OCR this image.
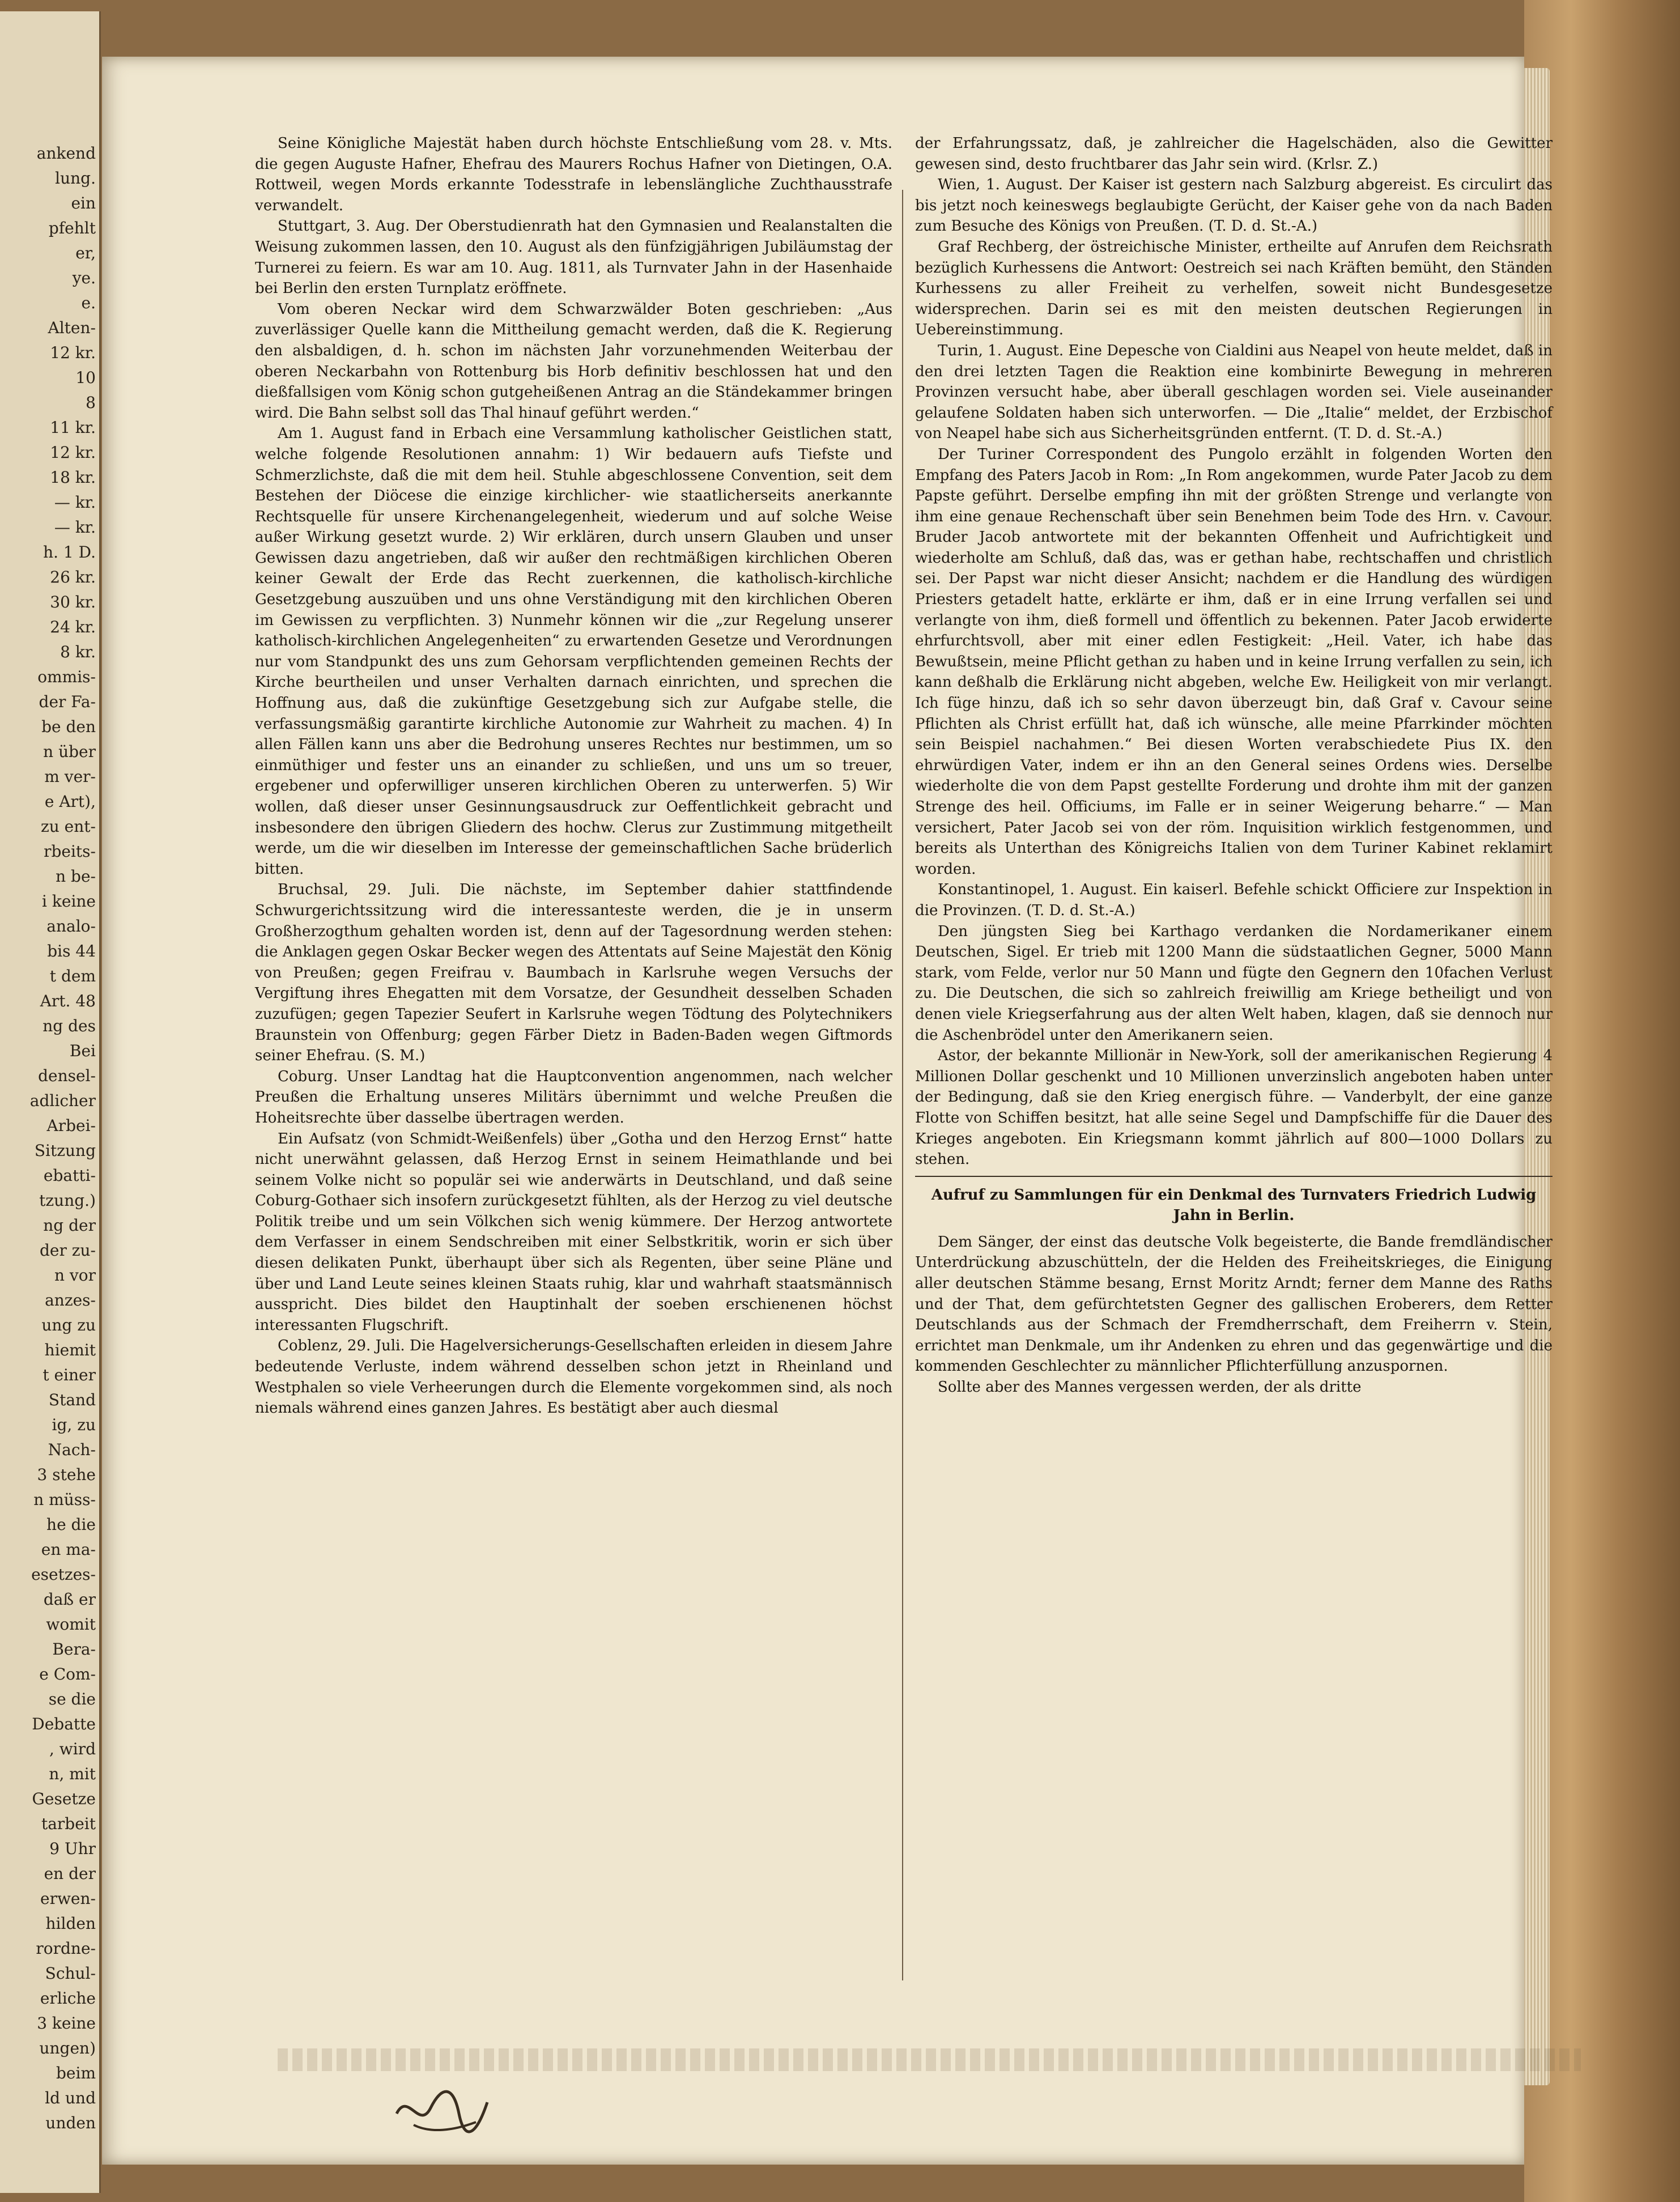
ankend
lung.
ein
pfehlt
er,
ye.
e.
Alten-
12 kr.
10
8
11 kr.
12 kr.
18 kr.
— kr.
— kr.
h. 1 D.
26 kr.
30 kr.
24 kr.
8 kr.
ommis-
der Fa-
be den
n über
m ver-
e Art),
zu ent-
rbeits-
n be-
i keine
analo-
bis 44
t dem
Art. 48
ng des
Bei
densel-
adlicher
Arbei-
Sitzung
ebatti-
tzung.)
ng der
der zu-
n vor
anzes-
ung zu
hiemit
t einer
Stand
ig, zu
Nach-
3 stehe
n müss-
he die
en ma-
esetzes-
daß er
womit
Bera-
e Com-
se die
Debatte
, wird
n, mit
Gesetze
tarbeit
9 Uhr
en der
erwen-
hilden
rordne-
Schul-
erliche
3 keine
ungen)
beim
ld und
unden

Seine Königliche Majestät haben durch höchste Entschließung vom 28. v. Mts. die gegen Auguste Hafner, Ehefrau des Maurers Rochus Hafner von Dietingen, O.A. Rottweil, wegen Mords erkannte Todesstrafe in lebenslängliche Zuchthausstrafe verwandelt.

Stuttgart, 3. Aug. Der Oberstudienrath hat den Gymnasien und Realanstalten die Weisung zukommen lassen, den 10. August als den fünfzigjährigen Jubiläumstag der Turnerei zu feiern. Es war am 10. Aug. 1811, als Turnvater Jahn in der Hasenhaide bei Berlin den ersten Turnplatz eröffnete.

Vom oberen Neckar wird dem Schwarzwälder Boten geschrieben: „Aus zuverlässiger Quelle kann die Mittheilung gemacht werden, daß die K. Regierung den alsbaldigen, d. h. schon im nächsten Jahr vorzunehmenden Weiterbau der oberen Neckarbahn von Rottenburg bis Horb definitiv beschlossen hat und den dießfallsigen vom König schon gutgeheißenen Antrag an die Ständekammer bringen wird. Die Bahn selbst soll das Thal hinauf geführt werden.“

Am 1. August fand in Erbach eine Versammlung katholischer Geistlichen statt, welche folgende Resolutionen annahm: 1) Wir bedauern aufs Tiefste und Schmerzlichste, daß die mit dem heil. Stuhle abgeschlossene Convention, seit dem Bestehen der Diöcese die einzige kirchlicher- wie staatlicherseits anerkannte Rechtsquelle für unsere Kirchenangelegenheit, wiederum und auf solche Weise außer Wirkung gesetzt wurde. 2) Wir erklären, durch unsern Glauben und unser Gewissen dazu angetrieben, daß wir außer den rechtmäßigen kirchlichen Oberen keiner Gewalt der Erde das Recht zuerkennen, die katholisch-kirchliche Gesetzgebung auszuüben und uns ohne Verständigung mit den kirchlichen Oberen im Gewissen zu verpflichten. 3) Nunmehr können wir die „zur Regelung unserer katholisch-kirchlichen Angelegenheiten“ zu erwartenden Gesetze und Verordnungen nur vom Standpunkt des uns zum Gehorsam verpflichtenden gemeinen Rechts der Kirche beurtheilen und unser Verhalten darnach einrichten, und sprechen die Hoffnung aus, daß die zukünftige Gesetzgebung sich zur Aufgabe stelle, die verfassungsmäßig garantirte kirchliche Autonomie zur Wahrheit zu machen. 4) In allen Fällen kann uns aber die Bedrohung unseres Rechtes nur bestimmen, um so einmüthiger und fester uns an einander zu schließen, und uns um so treuer, ergebener und opferwilliger unseren kirchlichen Oberen zu unterwerfen. 5) Wir wollen, daß dieser unser Gesinnungsausdruck zur Oeffentlichkeit gebracht und insbesondere den übrigen Gliedern des hochw. Clerus zur Zustimmung mitgetheilt werde, um die wir dieselben im Interesse der gemeinschaftlichen Sache brüderlich bitten.

Bruchsal, 29. Juli. Die nächste, im September dahier stattfindende Schwurgerichtssitzung wird die interessanteste werden, die je in unserm Großherzogthum gehalten worden ist, denn auf der Tagesordnung werden stehen: die Anklagen gegen Oskar Becker wegen des Attentats auf Seine Majestät den König von Preußen; gegen Freifrau v. Baumbach in Karlsruhe wegen Versuchs der Vergiftung ihres Ehegatten mit dem Vorsatze, der Gesundheit desselben Schaden zuzufügen; gegen Tapezier Seufert in Karlsruhe wegen Tödtung des Polytechnikers Braunstein von Offenburg; gegen Färber Dietz in Baden-Baden wegen Giftmords seiner Ehefrau. (S. M.)

Coburg. Unser Landtag hat die Hauptconvention angenommen, nach welcher Preußen die Erhaltung unseres Militärs übernimmt und welche Preußen die Hoheitsrechte über dasselbe übertragen werden.

Ein Aufsatz (von Schmidt-Weißenfels) über „Gotha und den Herzog Ernst“ hatte nicht unerwähnt gelassen, daß Herzog Ernst in seinem Heimathlande und bei seinem Volke nicht so populär sei wie anderwärts in Deutschland, und daß seine Coburg-Gothaer sich insofern zurückgesetzt fühlten, als der Herzog zu viel deutsche Politik treibe und um sein Völkchen sich wenig kümmere. Der Herzog antwortete dem Verfasser in einem Sendschreiben mit einer Selbstkritik, worin er sich über diesen delikaten Punkt, überhaupt über sich als Regenten, über seine Pläne und über und Land Leute seines kleinen Staats ruhig, klar und wahrhaft staatsmännisch ausspricht. Dies bildet den Hauptinhalt der soeben erschienenen höchst interessanten Flugschrift.

Coblenz, 29. Juli. Die Hagelversicherungs-Gesellschaften erleiden in diesem Jahre bedeutende Verluste, indem während desselben schon jetzt in Rheinland und Westphalen so viele Verheerungen durch die Elemente vorgekommen sind, als noch niemals während eines ganzen Jahres. Es bestätigt aber auch diesmal

der Erfahrungssatz, daß, je zahlreicher die Hagelschäden, also die Gewitter gewesen sind, desto fruchtbarer das Jahr sein wird. (Krlsr. Z.)

Wien, 1. August. Der Kaiser ist gestern nach Salzburg abgereist. Es circulirt das bis jetzt noch keineswegs beglaubigte Gerücht, der Kaiser gehe von da nach Baden zum Besuche des Königs von Preußen. (T. D. d. St.-A.)

Graf Rechberg, der östreichische Minister, ertheilte auf Anrufen dem Reichsrath bezüglich Kurhessens die Antwort: Oestreich sei nach Kräften bemüht, den Ständen Kurhessens zu aller Freiheit zu verhelfen, soweit nicht Bundesgesetze widersprechen. Darin sei es mit den meisten deutschen Regierungen in Uebereinstimmung.

Turin, 1. August. Eine Depesche von Cialdini aus Neapel von heute meldet, daß in den drei letzten Tagen die Reaktion eine kombinirte Bewegung in mehreren Provinzen versucht habe, aber überall geschlagen worden sei. Viele auseinander gelaufene Soldaten haben sich unterworfen. — Die „Italie“ meldet, der Erzbischof von Neapel habe sich aus Sicherheitsgründen entfernt. (T. D. d. St.-A.)

Der Turiner Correspondent des Pungolo erzählt in folgenden Worten den Empfang des Paters Jacob in Rom: „In Rom angekommen, wurde Pater Jacob zu dem Papste geführt. Derselbe empfing ihn mit der größten Strenge und verlangte von ihm eine genaue Rechenschaft über sein Benehmen beim Tode des Hrn. v. Cavour. Bruder Jacob antwortete mit der bekannten Offenheit und Aufrichtigkeit und wiederholte am Schluß, daß das, was er gethan habe, rechtschaffen und christlich sei. Der Papst war nicht dieser Ansicht; nachdem er die Handlung des würdigen Priesters getadelt hatte, erklärte er ihm, daß er in eine Irrung verfallen sei und verlangte von ihm, dieß formell und öffentlich zu bekennen. Pater Jacob erwiderte ehrfurchtsvoll, aber mit einer edlen Festigkeit: „Heil. Vater, ich habe das Bewußtsein, meine Pflicht gethan zu haben und in keine Irrung verfallen zu sein, ich kann deßhalb die Erklärung nicht abgeben, welche Ew. Heiligkeit von mir verlangt. Ich füge hinzu, daß ich so sehr davon überzeugt bin, daß Graf v. Cavour seine Pflichten als Christ erfüllt hat, daß ich wünsche, alle meine Pfarrkinder möchten sein Beispiel nachahmen.“ Bei diesen Worten verabschiedete Pius IX. den ehrwürdigen Vater, indem er ihn an den General seines Ordens wies. Derselbe wiederholte die von dem Papst gestellte Forderung und drohte ihm mit der ganzen Strenge des heil. Officiums, im Falle er in seiner Weigerung beharre.“ — Man versichert, Pater Jacob sei von der röm. Inquisition wirklich festgenommen, und bereits als Unterthan des Königreichs Italien von dem Turiner Kabinet reklamirt worden.

Konstantinopel, 1. August. Ein kaiserl. Befehle schickt Officiere zur Inspektion in die Provinzen. (T. D. d. St.-A.)

Den jüngsten Sieg bei Karthago verdanken die Nordamerikaner einem Deutschen, Sigel. Er trieb mit 1200 Mann die südstaatlichen Gegner, 5000 Mann stark, vom Felde, verlor nur 50 Mann und fügte den Gegnern den 10fachen Verlust zu. Die Deutschen, die sich so zahlreich freiwillig am Kriege betheiligt und von denen viele Kriegserfahrung aus der alten Welt haben, klagen, daß sie dennoch nur die Aschenbrödel unter den Amerikanern seien.

Astor, der bekannte Millionär in New-York, soll der amerikanischen Regierung 4 Millionen Dollar geschenkt und 10 Millionen unverzinslich angeboten haben unter der Bedingung, daß sie den Krieg energisch führe. — Vanderbylt, der eine ganze Flotte von Schiffen besitzt, hat alle seine Segel und Dampfschiffe für die Dauer des Krieges angeboten. Ein Kriegsmann kommt jährlich auf 800—1000 Dollars zu stehen.

Aufruf zu Sammlungen für ein Denkmal des Turnvaters Friedrich Ludwig Jahn in Berlin.

Dem Sänger, der einst das deutsche Volk begeisterte, die Bande fremdländischer Unterdrückung abzuschütteln, der die Helden des Freiheitskrieges, die Einigung aller deutschen Stämme besang, Ernst Moritz Arndt; ferner dem Manne des Raths und der That, dem gefürchtetsten Gegner des gallischen Eroberers, dem Retter Deutschlands aus der Schmach der Fremdherrschaft, dem Freiherrn v. Stein, errichtet man Denkmale, um ihr Andenken zu ehren und das gegenwärtige und die kommenden Geschlechter zu männlicher Pflichterfüllung anzuspornen.

Sollte aber des Mannes vergessen werden, der als dritte
